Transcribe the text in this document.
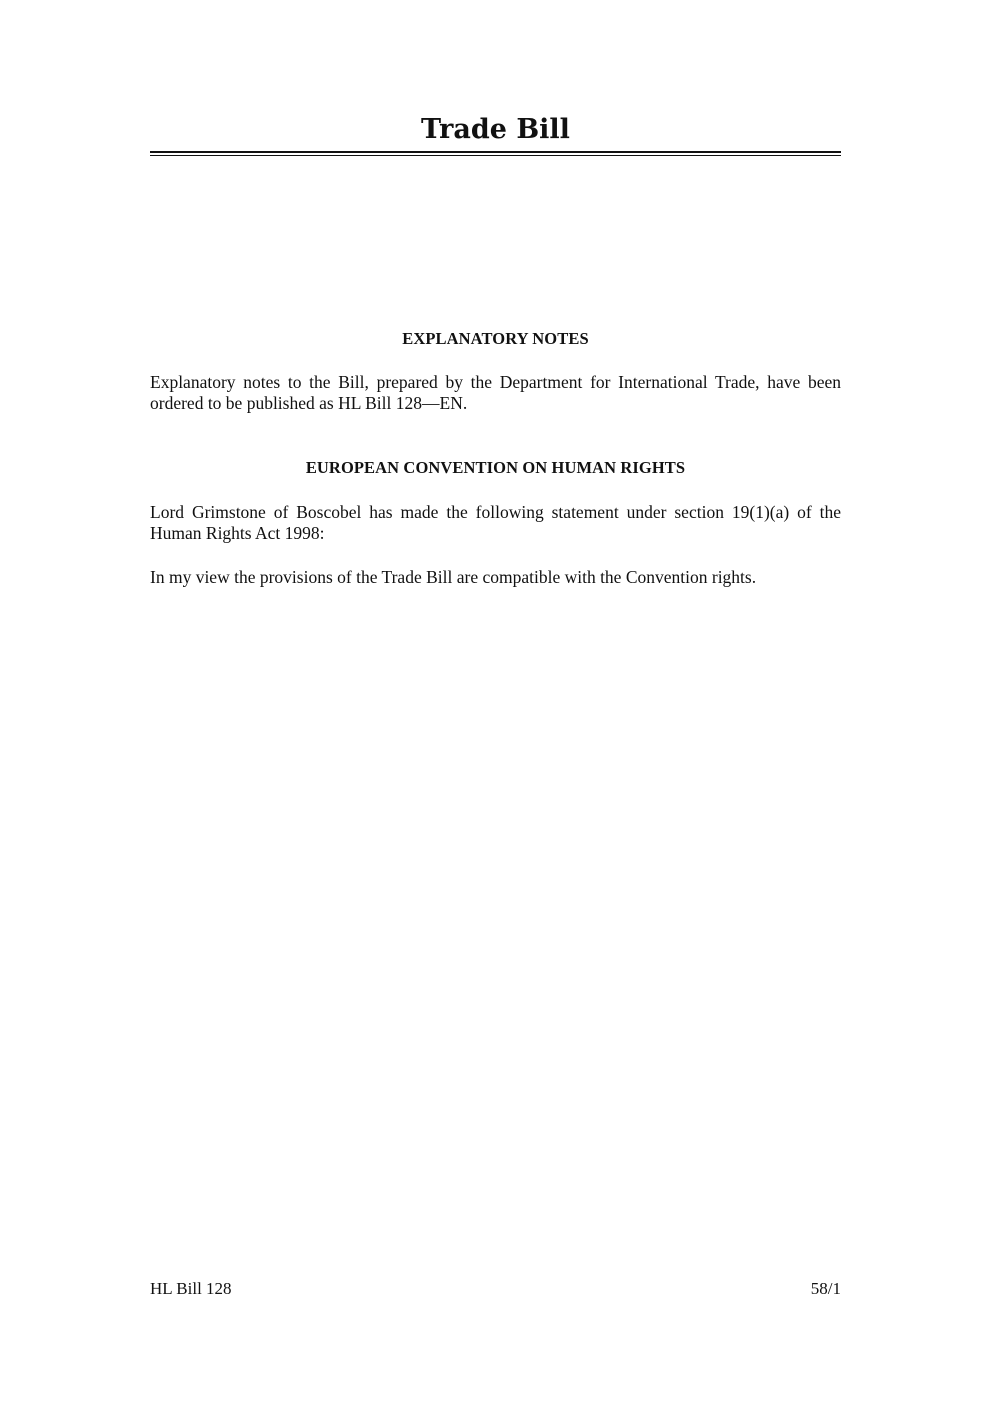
Trade Bill
EXPLANATORY NOTES

Explanatory notes to the Bill, prepared by the Department for International Trade, have been ordered to be published as HL Bill 128—EN.

EUROPEAN CONVENTION ON HUMAN RIGHTS

Lord Grimstone of Boscobel has made the following statement under section 19(1)(a) of the Human Rights Act 1998:

In my view the provisions of the Trade Bill are compatible with the Convention rights.

HL Bill 128	58/1
